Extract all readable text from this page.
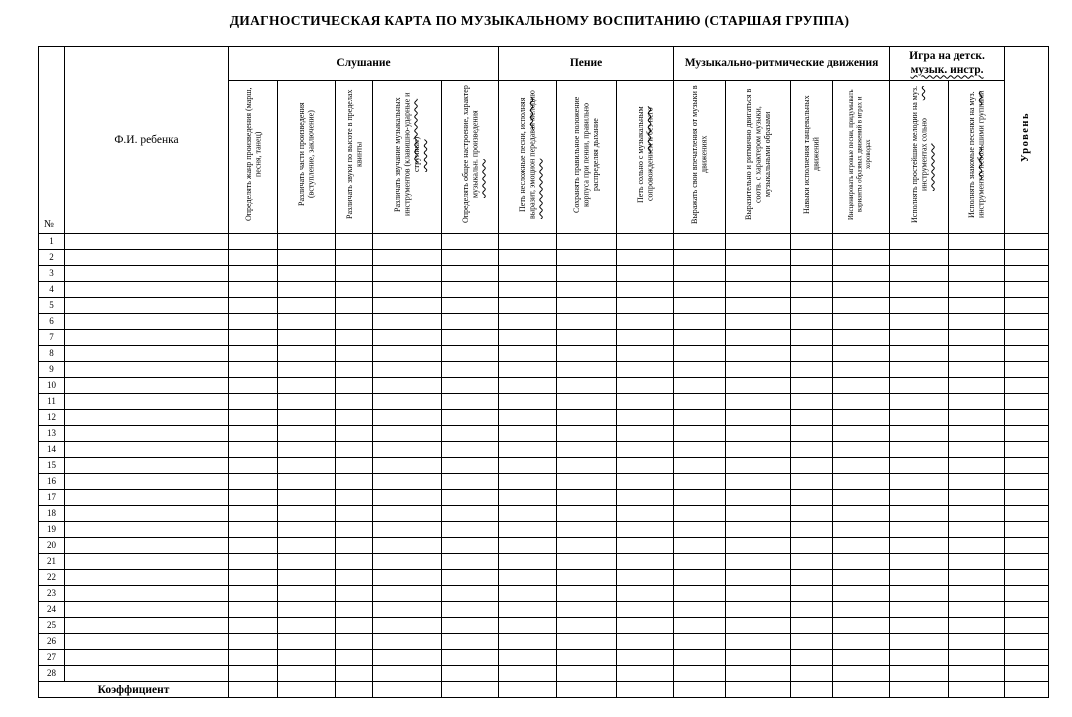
ДИАГНОСТИЧЕСКАЯ КАРТА ПО МУЗЫКАЛЬНОМУ ВОСПИТАНИЮ (СТАРШАЯ ГРУППА)
№	Ф.И. ребенка	Слушание					Пение			Музыкально-ритмические движения				Игра на детск. музык. инстр.		Уровень
		Определять жанр произведения (марш, песня, танец)	Различать части произведения (вступление, заключение)	Различать звуки по высоте в пределах квинты	Различать звучание музыкальных инструментов (клавишно-ударные и струнные)	Определять общее настроение, характер музыкальн. произведения	Петь несложные песни, исполняя выразит, эмоцион передавая мелодию	Сохранять правильное положение корпуса при пении, правильно распределяя дыхание	Петь сольно с музыкальным сопровождением и без него	Выражать свои впечатления от музыки в движениях	Выразительно и ритмично двигаться в соотв. с характером музыки, музыкальными образами	Навыки исполнения танцевальных движений	Инсценировать игровые песни, придумывать варианты образных движений в играх и хороводах	Исполнять простейшие мелодии на муз. инструментах сольно	Исполнять знакомые песенки на муз. инструментах небольшими группами	
1																
2																
3																
4																
5																
6																
7																
8																
9																
10																
11																
12																
13																
14																
15																
16																
17																
18																
19																
20																
21																
22																
23																
24																
25																
26																
27																
28																
Коэффициент																
